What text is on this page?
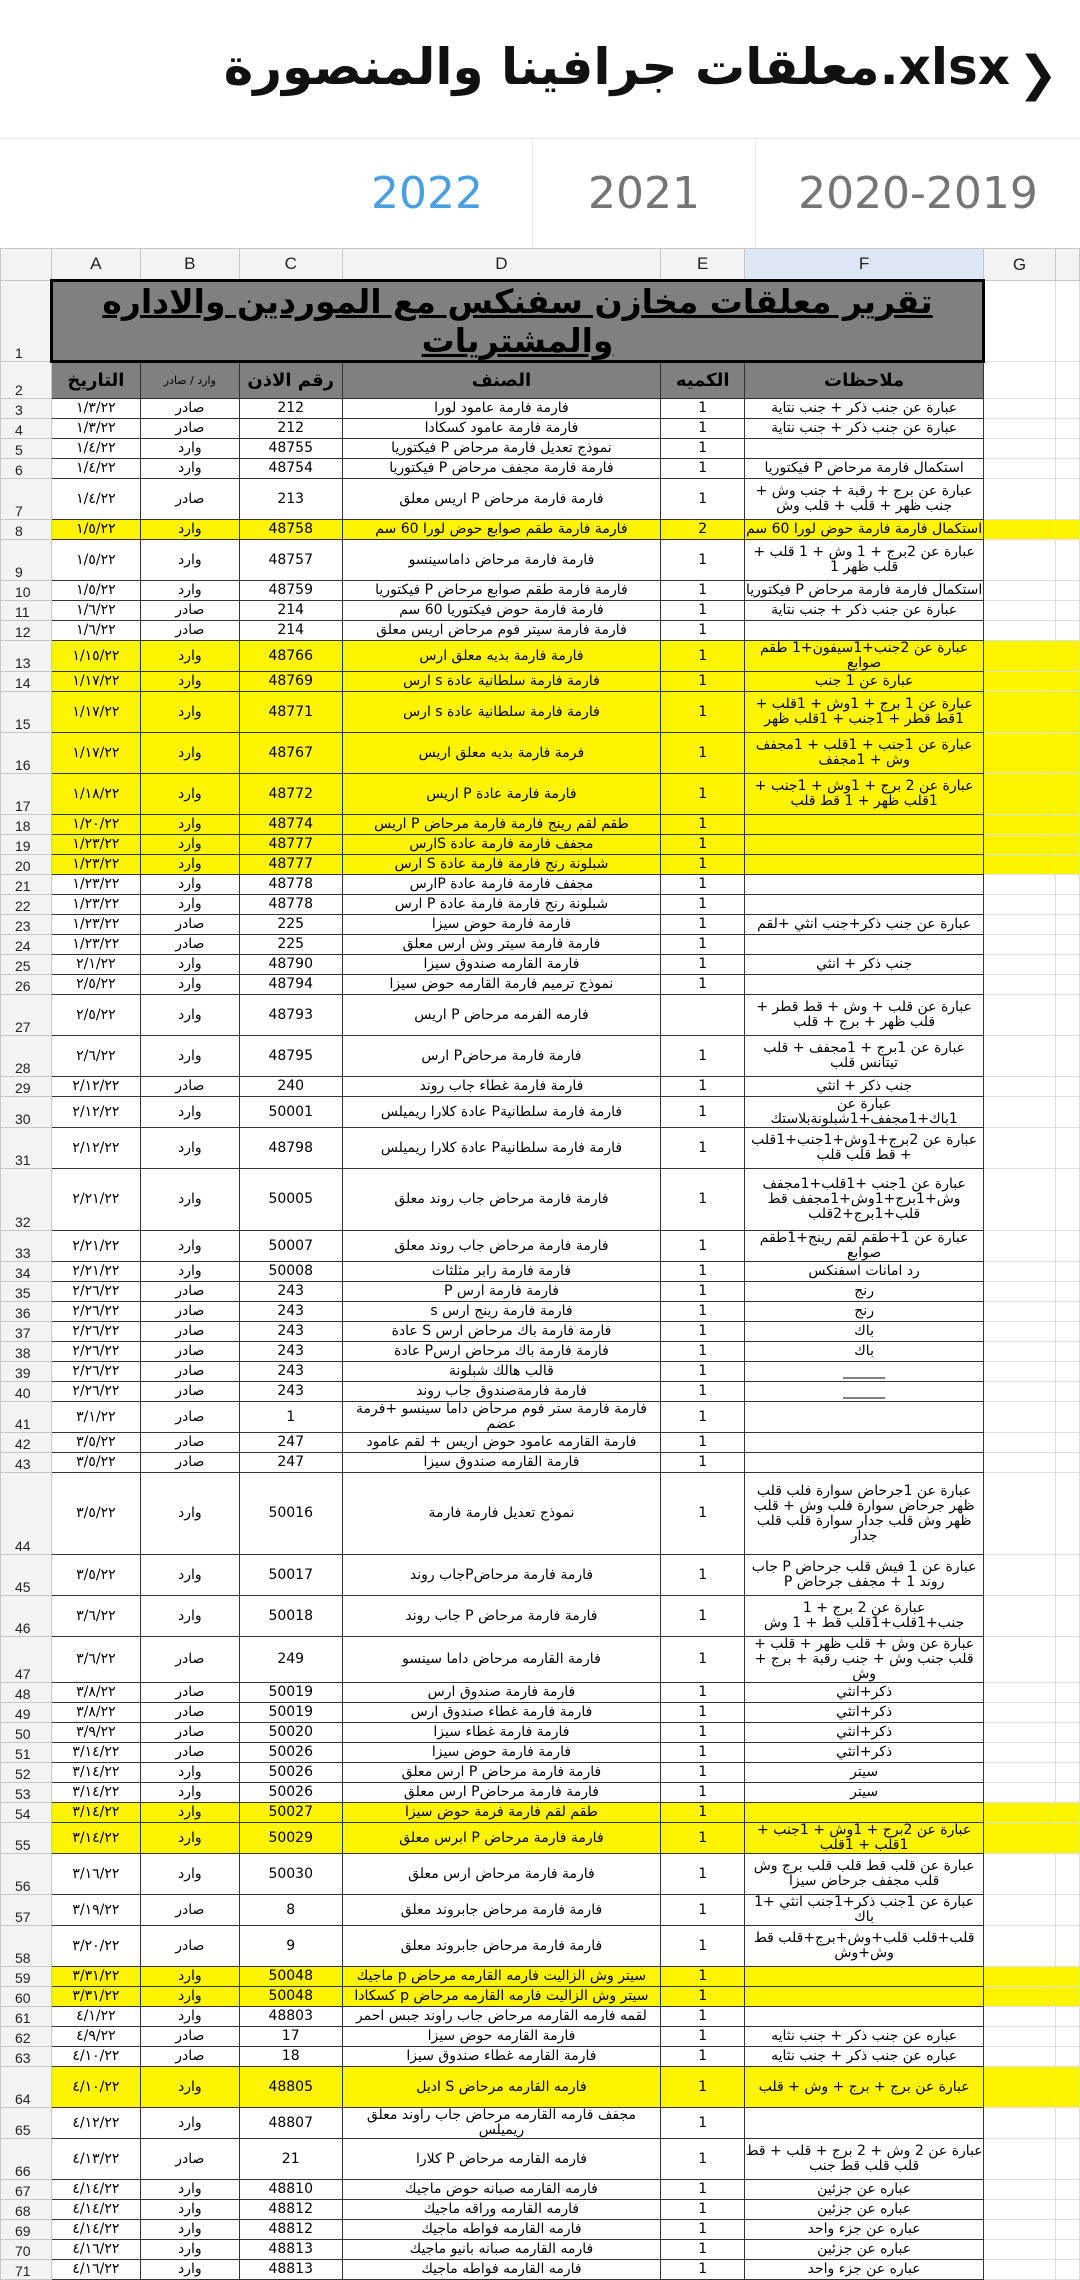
معلقات جرافينا والمنصورة.xlsx ❯
2020-2019
2021
2022
	A	B	C	D	E	F	G	
1	تقرير معلقات مخازن سفنكس مع الموردين والاداره والمشتريات							
2	التاريخ	وارد / صادر	رقم الاذن	الصنف	الكميه	ملاحظات		
3	١/٣/٢٢	صادر	212	فارمة فارمة عامود لورا	1	عبارة عن جنب ذكر + جنب نتاية		
4	١/٣/٢٢	صادر	212	فارمة فارمة عامود كسكادا	1	عبارة عن جنب ذكر + جنب نتاية		
5	١/٤/٢٢	وارد	48755	نموذج تعديل فارمة مرحاض P فيكتوريا	1			
6	١/٤/٢٢	وارد	48754	فارمة فارمة مجفف مرحاض P فيكتوريا	1	استكمال فارمة مرحاض P فيكتوريا		
7	١/٤/٢٢	صادر	213	فارمة فارمة مرحاض P اريس معلق	1	عبارة عن برج + رقبة + جنب وش + جنب ظهر + قلب + قلب وش		
8	١/٥/٢٢	وارد	48758	فارمة فارمة طقم صوابع حوض لورا 60 سم	2	استكمال فارمة فارمة حوض لورا 60 سم		
9	١/٥/٢٢	وارد	48757	فارمة فارمة مرحاض داماسينسو	1	عبارة عن 2برج + 1 وش + 1 قلب + قلب ظهر 1		
10	١/٥/٢٢	وارد	48759	فارمة فارمة طقم صوابع مرحاض P فيكتوريا	1	استكمال فارمة فارمة مرحاض P فيكتوريا		
11	١/٦/٢٢	صادر	214	فارمة فارمة حوض فيكتوريا 60 سم	1	عبارة عن جنب ذكر + جنب نتاية		
12	١/٦/٢٢	صادر	214	فارمة فارمة سيتر فوم مرحاض اريس معلق	1			
13	١/١٥/٢٢	وارد	48766	فارمة فارمة بديه معلق ارس	1	عبارة عن 2جنب+1سيفون+1 طقم صوابع		
14	١/١٧/٢٢	وارد	48769	فارمة فارمة سلطانية عادة s ارس	1	عبارة عن 1 جنب		
15	١/١٧/٢٢	وارد	48771	فارمة فارمة سلطانية عادة s ارس	1	عبارة عن 1 برج + 1وش + 1قلب + 1قط قطر + 1جنب + 1قلب ظهر		
16	١/١٧/٢٢	وارد	48767	فرمة فارمة بديه معلق اريس	1	عبارة عن 1جنب + 1قلب + 1مجفف وش + 1مجفف		
17	١/١٨/٢٢	وارد	48772	فارمة فارمة عادة P اريس	1	عبارة عن 2 برج + 1وش + 1جنب + 1قلب ظهر + 1 قط قلب		
18	١/٢٠/٢٢	وارد	48774	طقم لقم رينج فارمة فارمة مرحاض P اريس	1			
19	١/٢٣/٢٢	وارد	48777	مجفف فارمة فارمة عادة Sارس	1			
20	١/٢٣/٢٢	وارد	48777	شبلونة رنج فارمة فارمة عادة S ارس	1			
21	١/٢٣/٢٢	وارد	48778	مجفف فارمة فارمة عادة Pارس	1			
22	١/٢٣/٢٢	وارد	48778	شبلونة رنج فارمة فارمة عادة P ارس	1			
23	١/٢٣/٢٢	صادر	225	فارمة فارمة حوض سيزا	1	عبارة عن جنب ذكر+جنب انثي +لقم		
24	١/٢٣/٢٢	صادر	225	فارمة فارمة سيتر وش ارس معلق	1			
25	٢/١/٢٢	وارد	48790	فارمة القارمه صندوق سيزا	1	جنب ذكر + انثي		
26	٢/٥/٢٢	وارد	48794	نموذج ترميم فارمة القارمه حوض سيزا	1			
27	٢/٥/٢٢	وارد	48793	فارمه الفرمه مرحاض P اريس		عبارة عن قلب + وش + قط قطر + قلب ظهر + برج + قلب		
28	٢/٦/٢٢	وارد	48795	فارمة فارمة مرحاضP ارس	1	عبارة عن 1برج + 1مجفف + قلب تيتانس قلب		
29	٢/١٢/٢٢	صادر	240	فارمة فارمة غطاء جاب روند	1	جنب ذكر + انثي		
30	٢/١٢/٢٢	وارد	50001	فارمة فارمة سلطانيةP عادة كلارا ريميلس	1	عبارة عن 1باك+1مجفف+1شبلونةبلاستك		
31	٢/١٢/٢٢	وارد	48798	فارمة فارمة سلطانيةP عادة كلارا ريميلس	1	عبارة عن 2برج+1وش+1جنب+1قلب + قط قلب قلب		
32	٢/٢١/٢٢	وارد	50005	فارمة فارمة مرحاض جاب روند معلق	1	عبارة عن 1جنب +1قلب+1مجفف وش+1برج+1وش+1مجفف قط قلب+1برج+2قلب		
33	٢/٢١/٢٢	وارد	50007	فارمة فارمة مرحاض جاب روند معلق	1	عبارة عن 1+طقم لقم رينج+1طقم صوابع		
34	٢/٢١/٢٢	وارد	50008	فارمة فارمة رابر مثلثات	1	رد امانات اسفنكس		
35	٢/٢٦/٢٢	صادر	243	فارمة فارمة ارس P	1	رنج		
36	٢/٢٦/٢٢	صادر	243	فارمة فارمة رينج ارس s	1	رنج		
37	٢/٢٦/٢٢	صادر	243	فارمة فارمة باك مرحاض ارس S عادة	1	باك		
38	٢/٢٦/٢٢	صادر	243	فارمة فارمة باك مرحاض ارسP عادة	1	باك		
39	٢/٢٦/٢٢	صادر	243	قالب هالك شبلونة	1	______		
40	٢/٢٦/٢٢	صادر	243	فارمة فارمةصندوق جاب روند	1	______		
41	٣/١/٢٢	صادر	1	فارمة فارمة ستر فوم مرحاض داما سينسو +فرمة عضم	1			
42	٣/٥/٢٢	صادر	247	فارمة القارمه عامود حوض اريس + لقم عامود	1			
43	٣/٥/٢٢	صادر	247	فارمة القارمه صندوق سيزا	1			
44	٣/٥/٢٢	وارد	50016	نموذج تعديل فارمة فارمة	1	عبارة عن 1جرحاض سوارة فلب قلب ظهر جرحاض سوارة فلب وش + قلب ظهر وش قلب جدار سوارة قلب قلب جدار		
45	٣/٥/٢٢	وارد	50017	فارمة فارمة مرحاضPجاب روند	1	عبارة عن 1 فيش قلب جرحاض P جاب روند 1 + مجفف جرحاض P		
46	٣/٦/٢٢	وارد	50018	فارمة فارمة مرحاض P جاب روند	1	عبارة عن 2 برج + 1 جنب+1قلب+1قلب قط + 1 وش		
47	٣/٦/٢٢	صادر	249	فارمة القارمه مرحاض داما سينسو	1	عبارة عن وش + قلب ظهر + قلب + قلب جنب وش + جنب رقبة + برج + وش		
48	٣/٨/٢٢	صادر	50019	فارمة فارمة صندوق ارس	1	ذكر+انثي		
49	٣/٨/٢٢	صادر	50019	فارمة فارمة غطاء صندوق ارس	1	ذكر+انثي		
50	٣/٩/٢٢	صادر	50020	فارمة فارمة غطاء سيزا	1	ذكر+انثي		
51	٣/١٤/٢٢	صادر	50026	فارمة فارمة حوض سيزا	1	ذكر+انثي		
52	٣/١٤/٢٢	وارد	50026	فارمة فارمة مرحاض P ارس معلق	1	سيتر		
53	٣/١٤/٢٢	وارد	50026	فارمة فارمة مرحاضP ارس معلق	1	سيتر		
54	٣/١٤/٢٢	وارد	50027	طقم لقم فارمة فرمة حوض سيزا	1			
55	٣/١٤/٢٢	وارد	50029	فارمة فارمة مرحاض P ابرس معلق	1	عبارة عن 2برج + 1وش + 1جنب + 1قلب + 1قلب		
56	٣/١٦/٢٢	وارد	50030	فارمة فارمة مرحاض ارس معلق	1	عبارة عن قلب قط قلب قلب برج وش قلب مجفف جرحاض سيزا		
57	٣/١٩/٢٢	صادر	8	فارمة فارمة مرحاض جابروند معلق	1	عبارة عن 1جنب ذكر+1جنب انثي +1 باك		
58	٣/٢٠/٢٢	صادر	9	فارمة فارمة مرحاض جابروند معلق	1	قلب+قلب قلب+وش+برج+قلب قط وش+وش		
59	٣/٣١/٢٢	وارد	50048	سيتر وش الزاليت فارمه القارمه مرحاض p ماجيك	1			
60	٣/٣١/٢٢	وارد	50048	سيتر وش الزاليت فارمه القارمه مرحاض p كسكادا	1			
61	٤/١/٢٢	وارد	48803	لقمه فارمه القارمه مرحاض جاب راوند جبس احمر	1			
62	٤/٩/٢٢	صادر	17	فارمة القارمه حوض سيزا	1	عباره عن جنب ذكر + جنب نثايه		
63	٤/١٠/٢٢	صادر	18	فارمة القارمه غطاء صندوق سيزا	1	عباره عن جنب ذكر + جنب نثايه		
64	٤/١٠/٢٢	وارد	48805	فارمه القارمه مرحاض S اديل	1	عبارة عن برج + برج + وش + قلب		
65	٤/١٢/٢٢	وارد	48807	مجفف فارمه القارمه مرحاض جاب راوند معلق ريميلس	1			
66	٤/١٣/٢٢	صادر	21	فارمه القارمه مرحاض P كلارا	1	عبارة عن 2 وش + 2 برج + قلب + قط قلب قلب قط جنب		
67	٤/١٤/٢٢	وارد	48810	فارمه القارمه صبانه حوض ماجيك	1	عباره عن جزئين		
68	٤/١٤/٢٢	وارد	48812	فارمه القارمه وراقه ماجيك	1	عباره عن جزئين		
69	٤/١٤/٢٢	وارد	48812	فارمه القارمه فواطه ماجيك	1	عباره عن جزء واحد		
70	٤/١٦/٢٢	وارد	48813	فارمه القارمه صبانه بانيو ماجيك	1	عباره عن جزئين		
71	٤/١٦/٢٢	وارد	48813	فارمه القارمه فواطه ماجيك	1	عباره عن جزء واحد		
